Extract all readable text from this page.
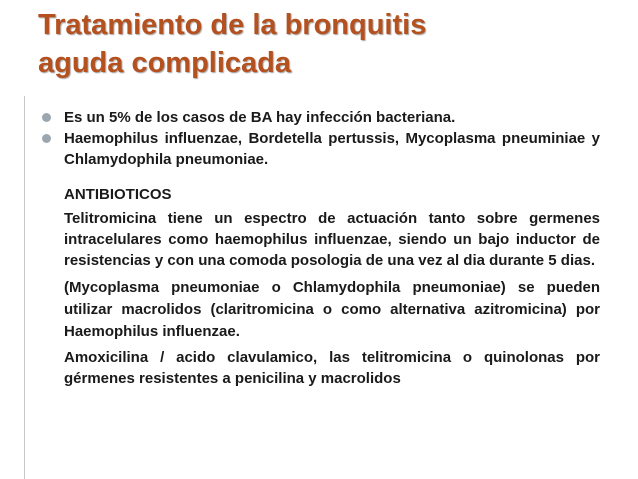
Tratamiento de la bronquitis
aguda complicada
Es un 5% de los casos de BA hay infección bacteriana.
Haemophilus influenzae, Bordetella pertussis, Mycoplasma pneuminiae y Chlamydophila pneumoniae.
ANTIBIOTICOS
Telitromicina tiene un espectro de actuación tanto sobre germenes intracelulares como haemophilus influenzae, siendo un bajo inductor de resistencias y con una comoda posologia de una vez al dia durante 5 dias.
(Mycoplasma pneumoniae o Chlamydophila pneumoniae) se pueden utilizar macrolidos (claritromicina o como alternativa azitromicina) por Haemophilus influenzae.
Amoxicilina / acido clavulamico, las telitromicina o quinolonas por gérmenes resistentes a penicilina y macrolidos
